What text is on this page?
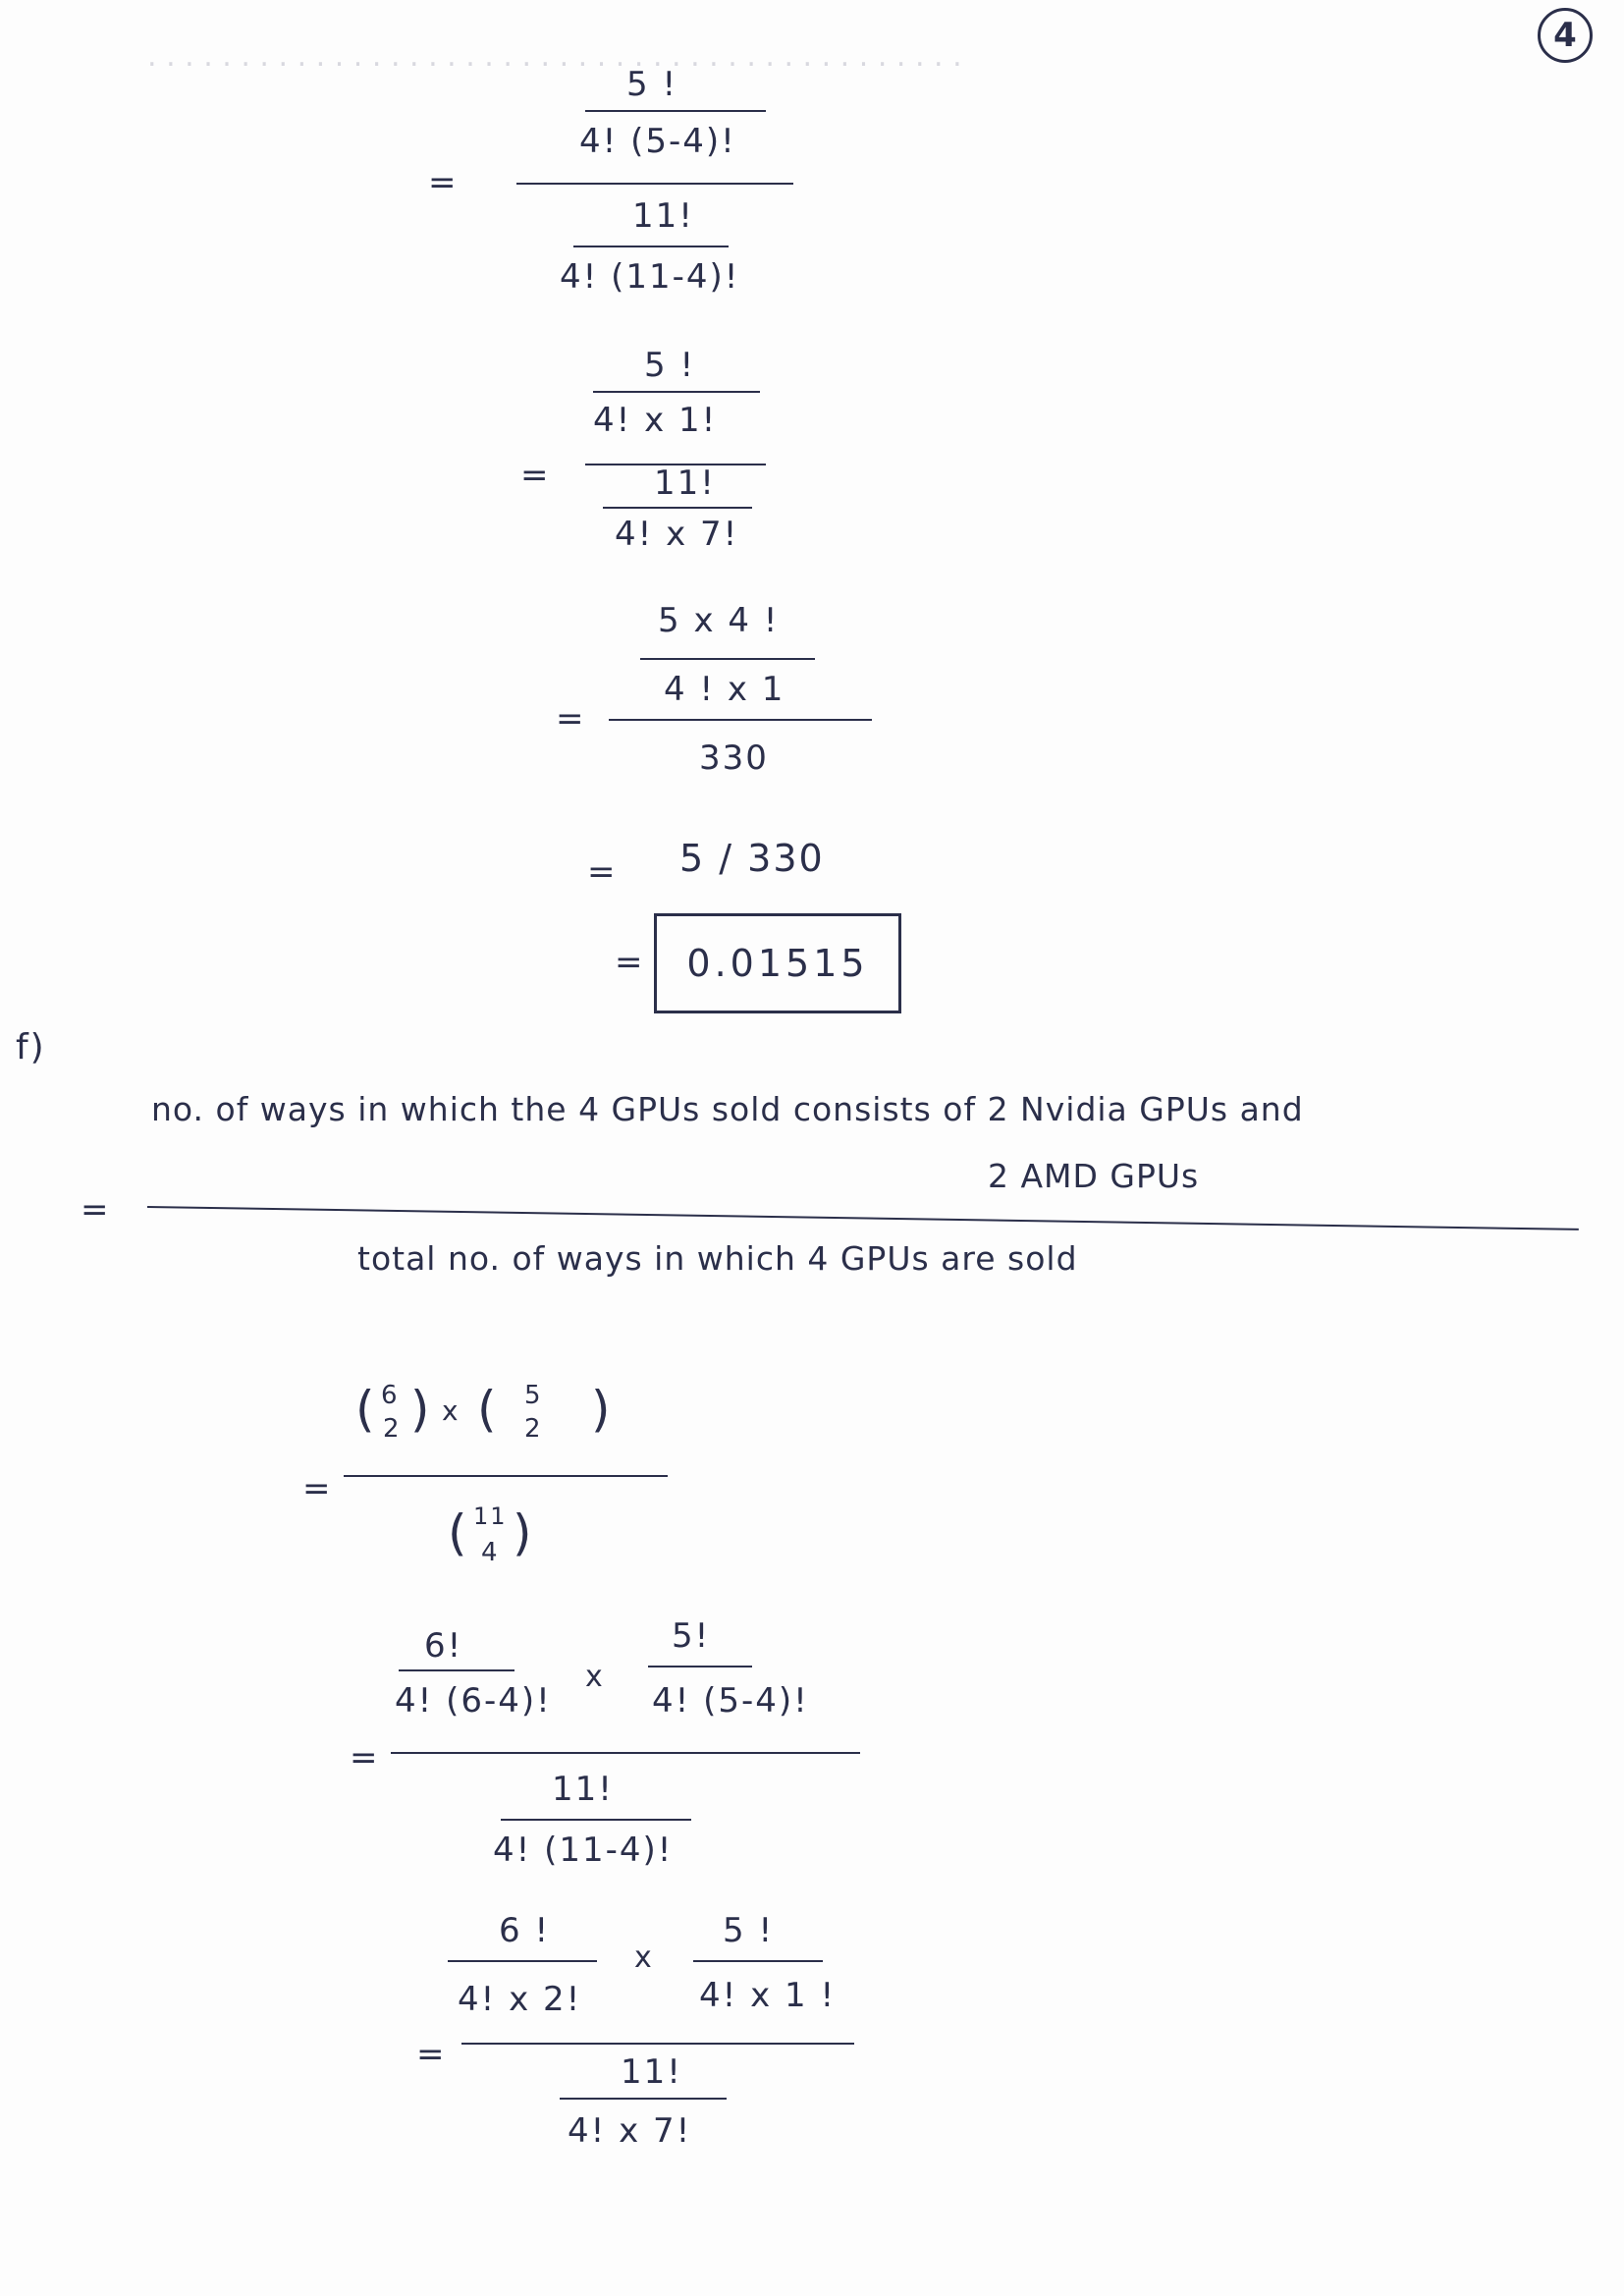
4
. . . . . . . . . . . . . . . . . . . . . . . . . . . . . . . . . . . . . . . . . . . .
5 !
4! (5-4)!
=
11!
4! (11-4)!
5 !
4! x 1!
=	11!
4! x 7!
5 x 4 !
4 ! x 1
=
330
= 5 / 330
= 0.01515
f)
no. of ways in which the 4 GPUs sold consists of 2 Nvidia GPUs and
2 AMD GPUs
=
total no. of ways in which 4 GPUs are sold
( 6
2 ) x ( 5
2 )
=
( 11
4 )
6!
4! (6-4)!
x
5!
4! (5-4)!
=
11!
4! (11-4)!
6 !
4! x 2!
x
5 !
4! x 1 !
=	11!
4! x 7!
